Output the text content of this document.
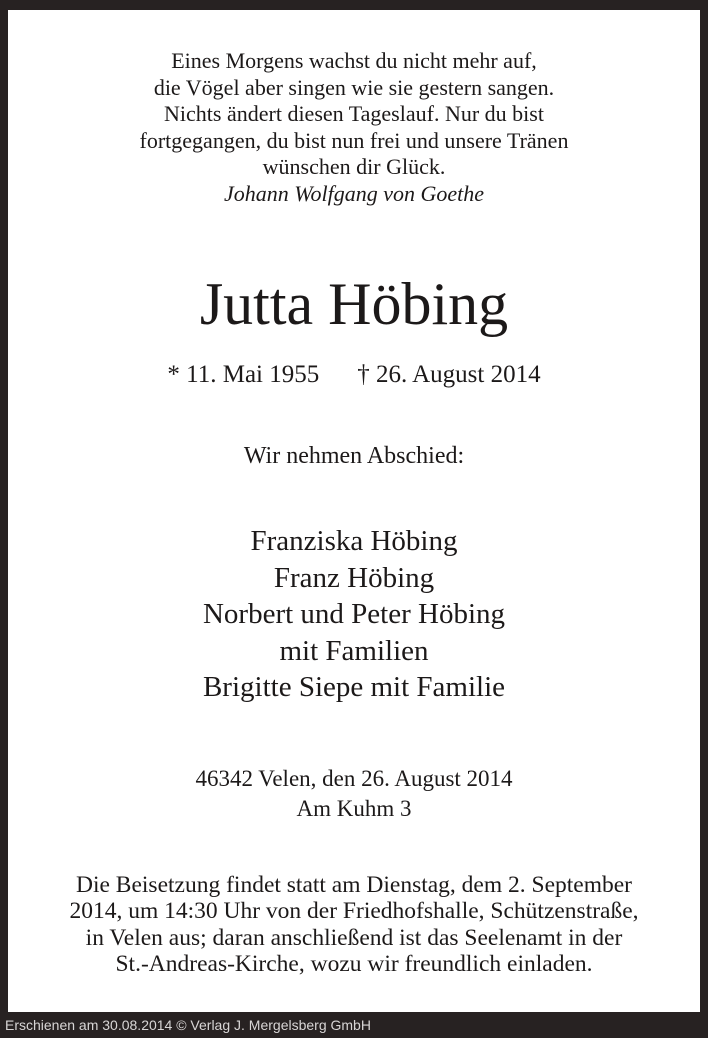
Eines Morgens wachst du nicht mehr auf,
die Vögel aber singen wie sie gestern sangen.
Nichts ändert diesen Tageslauf. Nur du bist
fortgegangen, du bist nun frei und unsere Tränen
wünschen dir Glück.
Johann Wolfgang von Goethe
Jutta Höbing
* 11. Mai 1955 † 26. August 2014
Wir nehmen Abschied:
Franziska Höbing
Franz Höbing
Norbert und Peter Höbing
mit Familien
Brigitte Siepe mit Familie
46342 Velen, den 26. August 2014
Am Kuhm 3
Die Beisetzung findet statt am Dienstag, dem 2. September
2014, um 14:30 Uhr von der Friedhofshalle, Schützenstraße,
in Velen aus; daran anschließend ist das Seelenamt in der
St.-Andreas-Kirche, wozu wir freundlich einladen.
Erschienen am 30.08.2014 © Verlag J. Mergelsberg GmbH
